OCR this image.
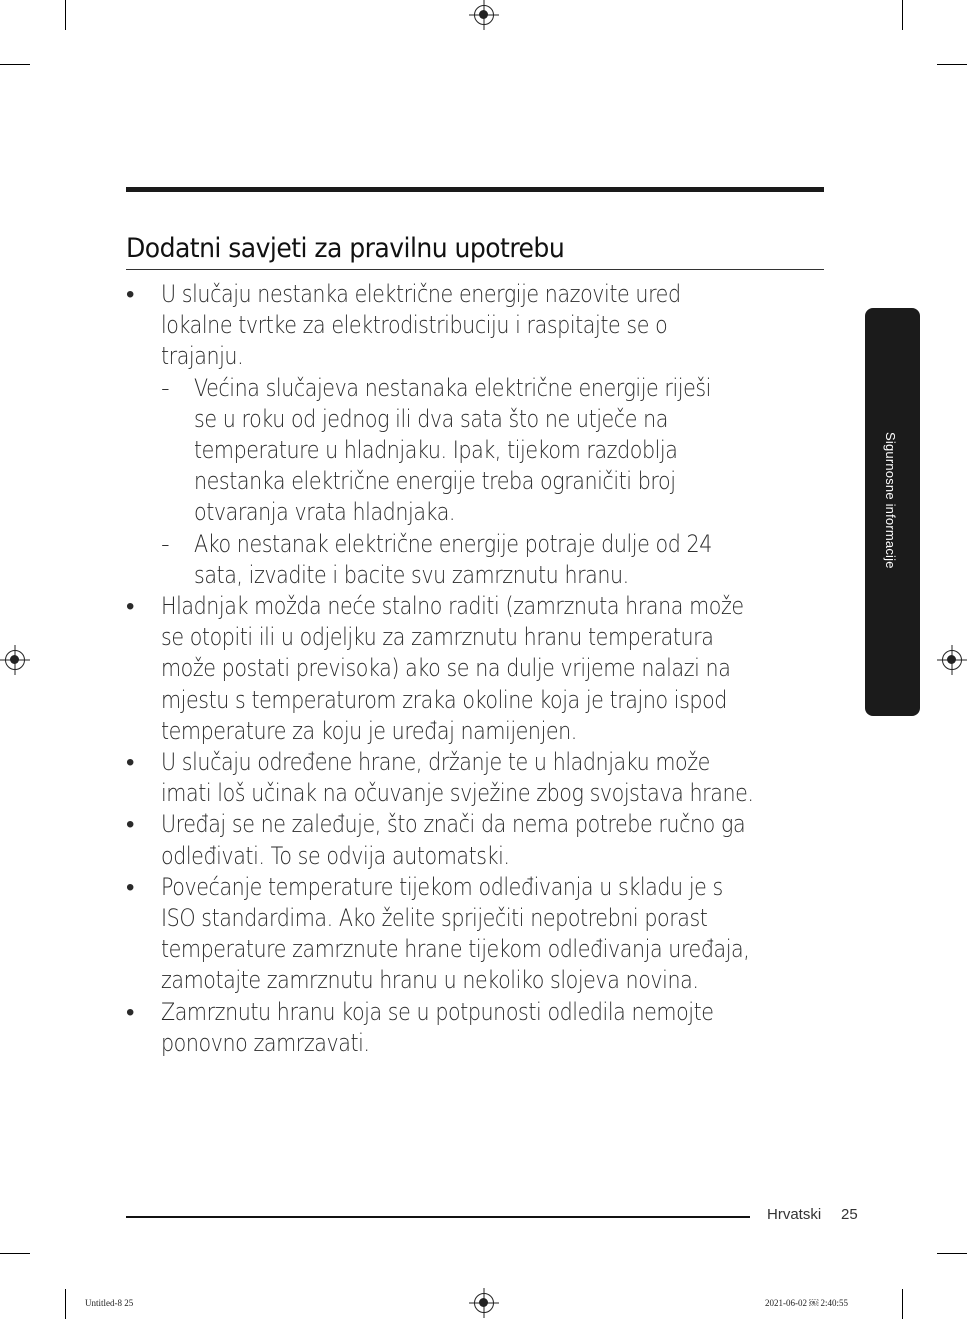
Dodatni savjeti za pravilnu upotrebu
• U slučaju nestanka električne energije nazovite ured
lokalne tvrtke za elektrodistribuciju i raspitajte se o
trajanju.
- Većina slučajeva nestanaka električne energije riješi
se u roku od jednog ili dva sata što ne utječe na
temperature u hladnjaku. Ipak, tijekom razdoblja
nestanka električne energije treba ograničiti broj
otvaranja vrata hladnjaka.
- Ako nestanak električne energije potraje dulje od 24
sata, izvadite i bacite svu zamrznutu hranu.
• Hladnjak možda neće stalno raditi (zamrznuta hrana može
se otopiti ili u odjeljku za zamrznutu hranu temperatura
može postati previsoka) ako se na dulje vrijeme nalazi na
mjestu s temperaturom zraka okoline koja je trajno ispod
temperature za koju je uređaj namijenjen.
• U slučaju određene hrane, držanje te u hladnjaku može
imati loš učinak na očuvanje svježine zbog svojstava hrane.
• Uređaj se ne zaleđuje, što znači da nema potrebe ručno ga
odleđivati. To se odvija automatski.
• Povećanje temperature tijekom odleđivanja u skladu je s
ISO standardima. Ako želite spriječiti nepotrebni porast
temperature zamrznute hrane tijekom odleđivanja uređaja,
zamotajte zamrznutu hranu u nekoliko slojeva novina.
• Zamrznutu hranu koja se u potpunosti odledila nemojte
ponovno zamrzavati.
Sigurnosne informacije
Hrvatski 25
Untitled-8 25	2021-06-02 ￼ 2:40:55
